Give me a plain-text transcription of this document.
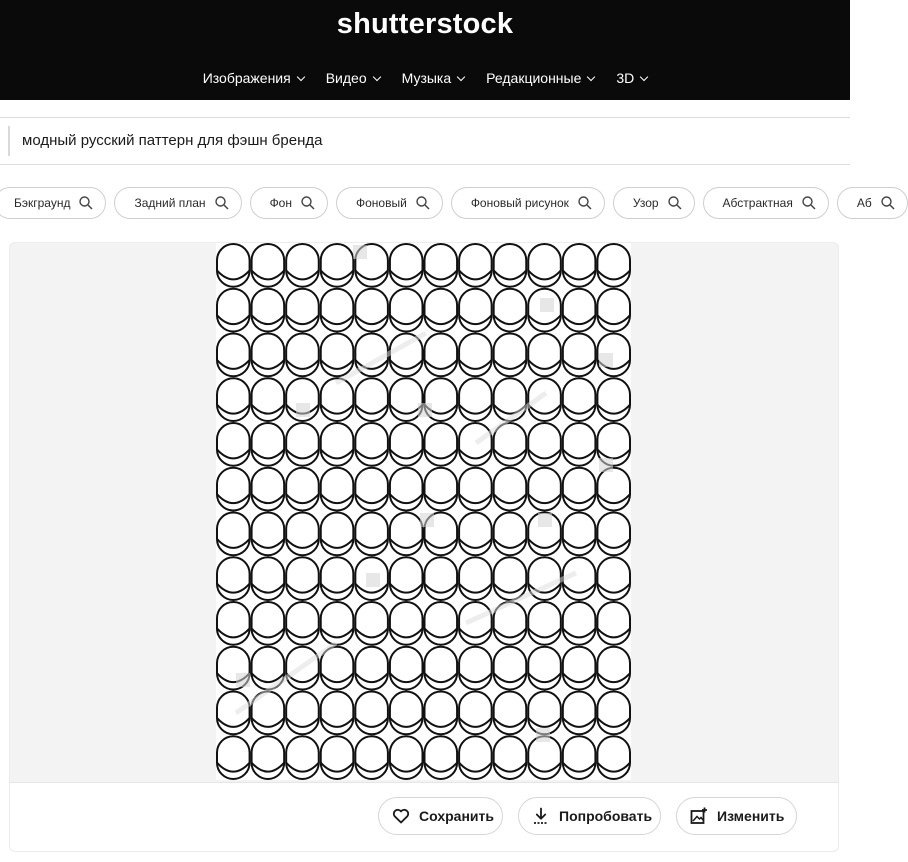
shutterstock
Изображения	Видео	Музыка	Редакционные	3D
модный русский паттерн для фэшн бренда
Бэкграунд	Задний план	Фон	Фоновый	Фоновый рисунок	Узор	Абстрактная	Аб
Сохранить	Попробовать	Изменить
